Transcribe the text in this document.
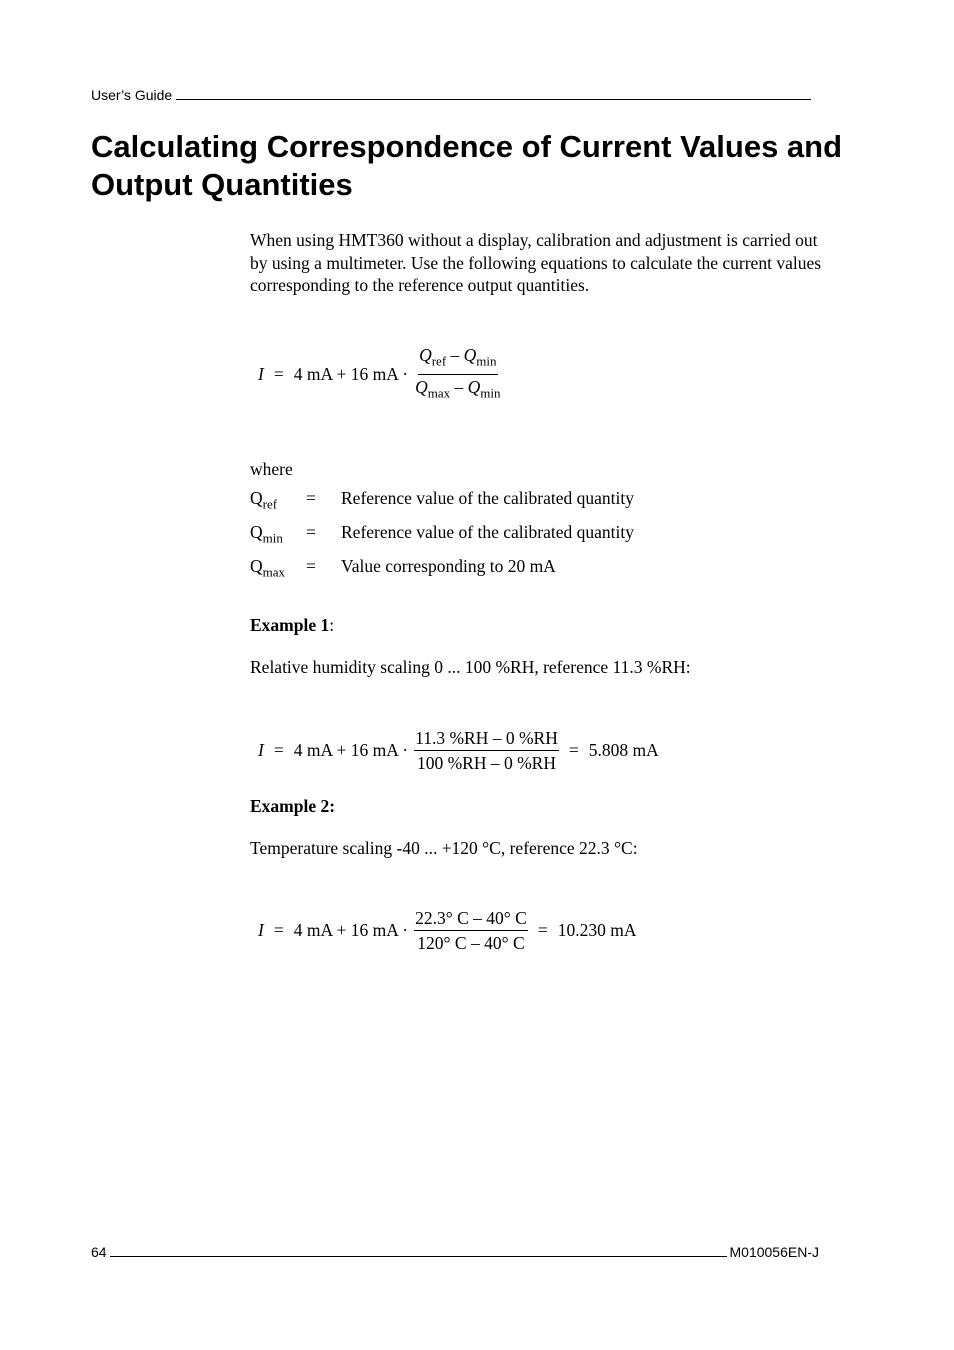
User’s Guide
Calculating Correspondence of Current Values and Output Quantities
When using HMT360 without a display, calibration and adjustment is carried out by using a multimeter. Use the following equations to calculate the current values corresponding to the reference output quantities.
I = 4 mA + 16 mA · $\frac{Q_{ref} - Q_{min}}{Q_{max} - Q_{min}}$
where
$Q_{ref}$	=	Reference value of the calibrated quantity
$Q_{min}$	=	Reference value of the calibrated quantity
$Q_{max}$	=	Value corresponding to 20 mA
Example 1:
Relative humidity scaling 0 ... 100 %RH, reference 11.3 %RH:
I = 4 mA + 16 mA · $\frac{11.3 \%RH - 0 \%RH}{100 \%RH - 0 \%RH} = 5.808$ mA
Example 2:
Temperature scaling -40 ... +120 °C, reference 22.3 °C:
I = 4 mA + 16 mA · $\frac{22.3^\circ C - 40^\circ C}{120^\circ C - 40^\circ C} = 10.230$ mA
64	M010056EN-J
